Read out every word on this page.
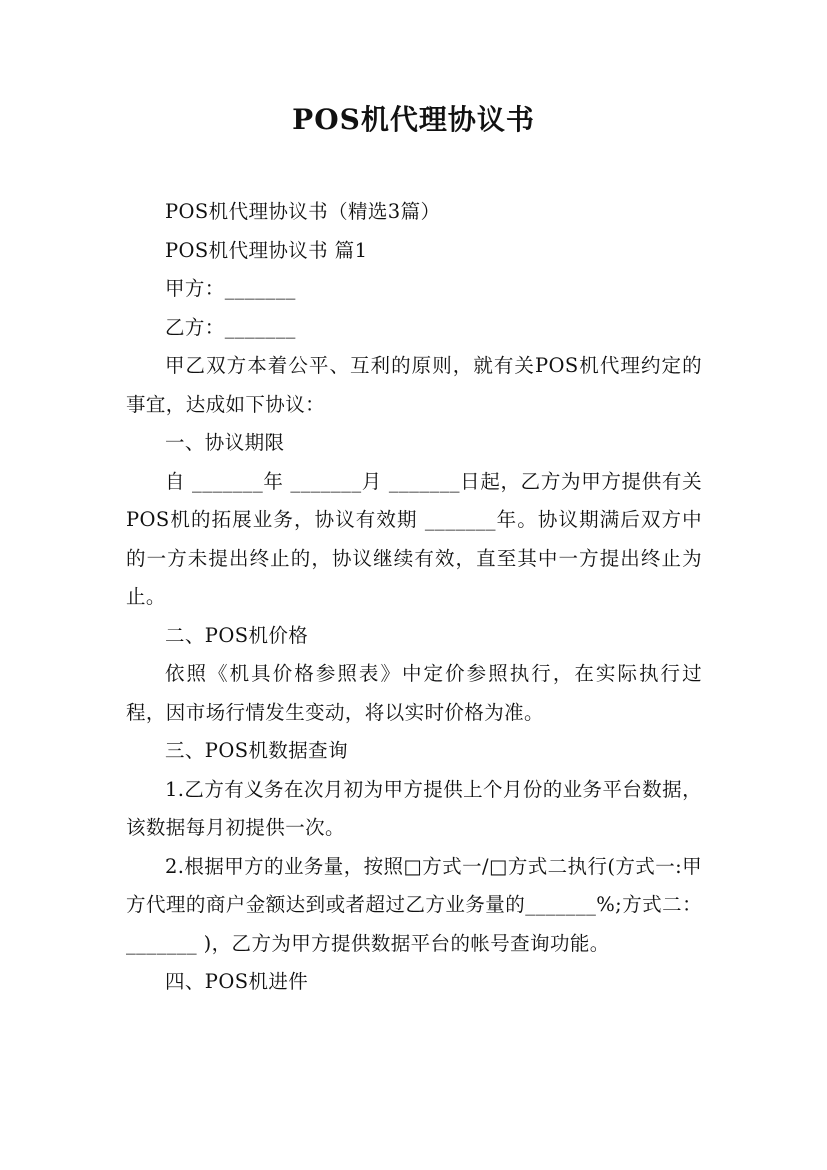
POS机代理协议书

POS机代理协议书（精选3篇）

POS机代理协议书 篇1

甲方：_______

乙方：_______

甲乙双方本着公平、互利的原则，就有关POS机代理约定的事宜，达成如下协议：

一、协议期限

自 _______年 _______月 _______日起，乙方为甲方提供有关POS机的拓展业务，协议有效期 _______年。协议期满后双方中的一方未提出终止的，协议继续有效，直至其中一方提出终止为止。

二、POS机价格

依照《机具价格参照表》中定价参照执行，在实际执行过程，因市场行情发生变动，将以实时价格为准。

三、POS机数据查询

1.乙方有义务在次月初为甲方提供上个月份的业务平台数据，该数据每月初提供一次。

2.根据甲方的业务量，按照□方式一/□方式二执行(方式一:甲方代理的商户金额达到或者超过乙方业务量的_______%;方式二：_______ )，乙方为甲方提供数据平台的帐号查询功能。

四、POS机进件
